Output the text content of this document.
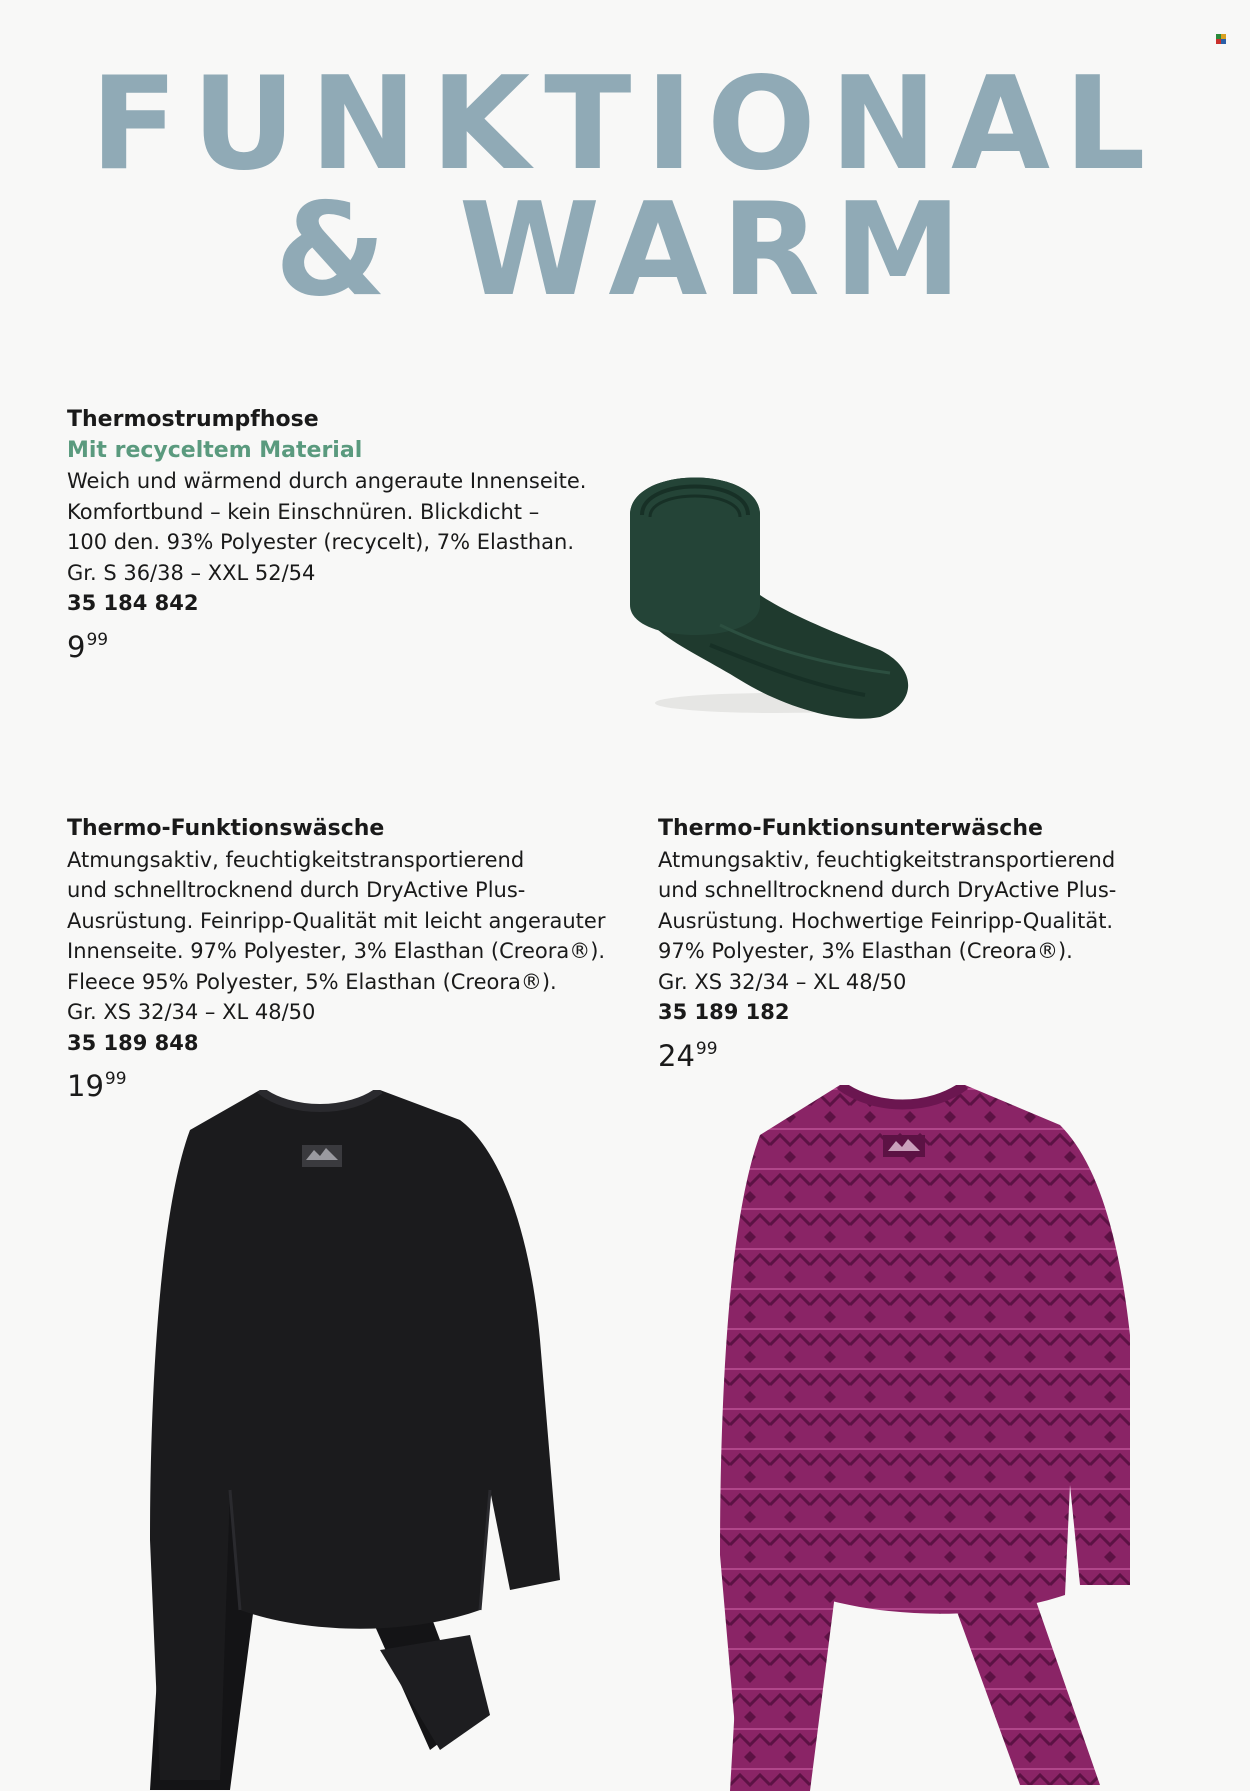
FUNKTIONAL
& WARM
Thermostrumpfhose
Mit recyceltem Material
Weich und wärmend durch angeraute Innenseite.
Komfortbund – kein Einschnüren. Blickdicht –
100 den. 93% Polyester (recycelt), 7% Elasthan.
Gr. S 36/38 – XXL 52/54
35 184 842
$9^{99}$
Thermo-Funktionswäsche
Atmungsaktiv, feuchtigkeitstransportierend
und schnelltrocknend durch DryActive Plus-
Ausrüstung. Feinripp-Qualität mit leicht angerauter
Innenseite. 97% Polyester, 3% Elasthan (Creora®).
Fleece 95% Polyester, 5% Elasthan (Creora®).
Gr. XS 32/34 – XL 48/50
35 189 848
$19^{99}$
Thermo-Funktionsunterwäsche
Atmungsaktiv, feuchtigkeitstransportierend
und schnelltrocknend durch DryActive Plus-
Ausrüstung. Hochwertige Feinripp-Qualität.
97% Polyester, 3% Elasthan (Creora®).
Gr. XS 32/34 – XL 48/50
35 189 182
$24^{99}$
